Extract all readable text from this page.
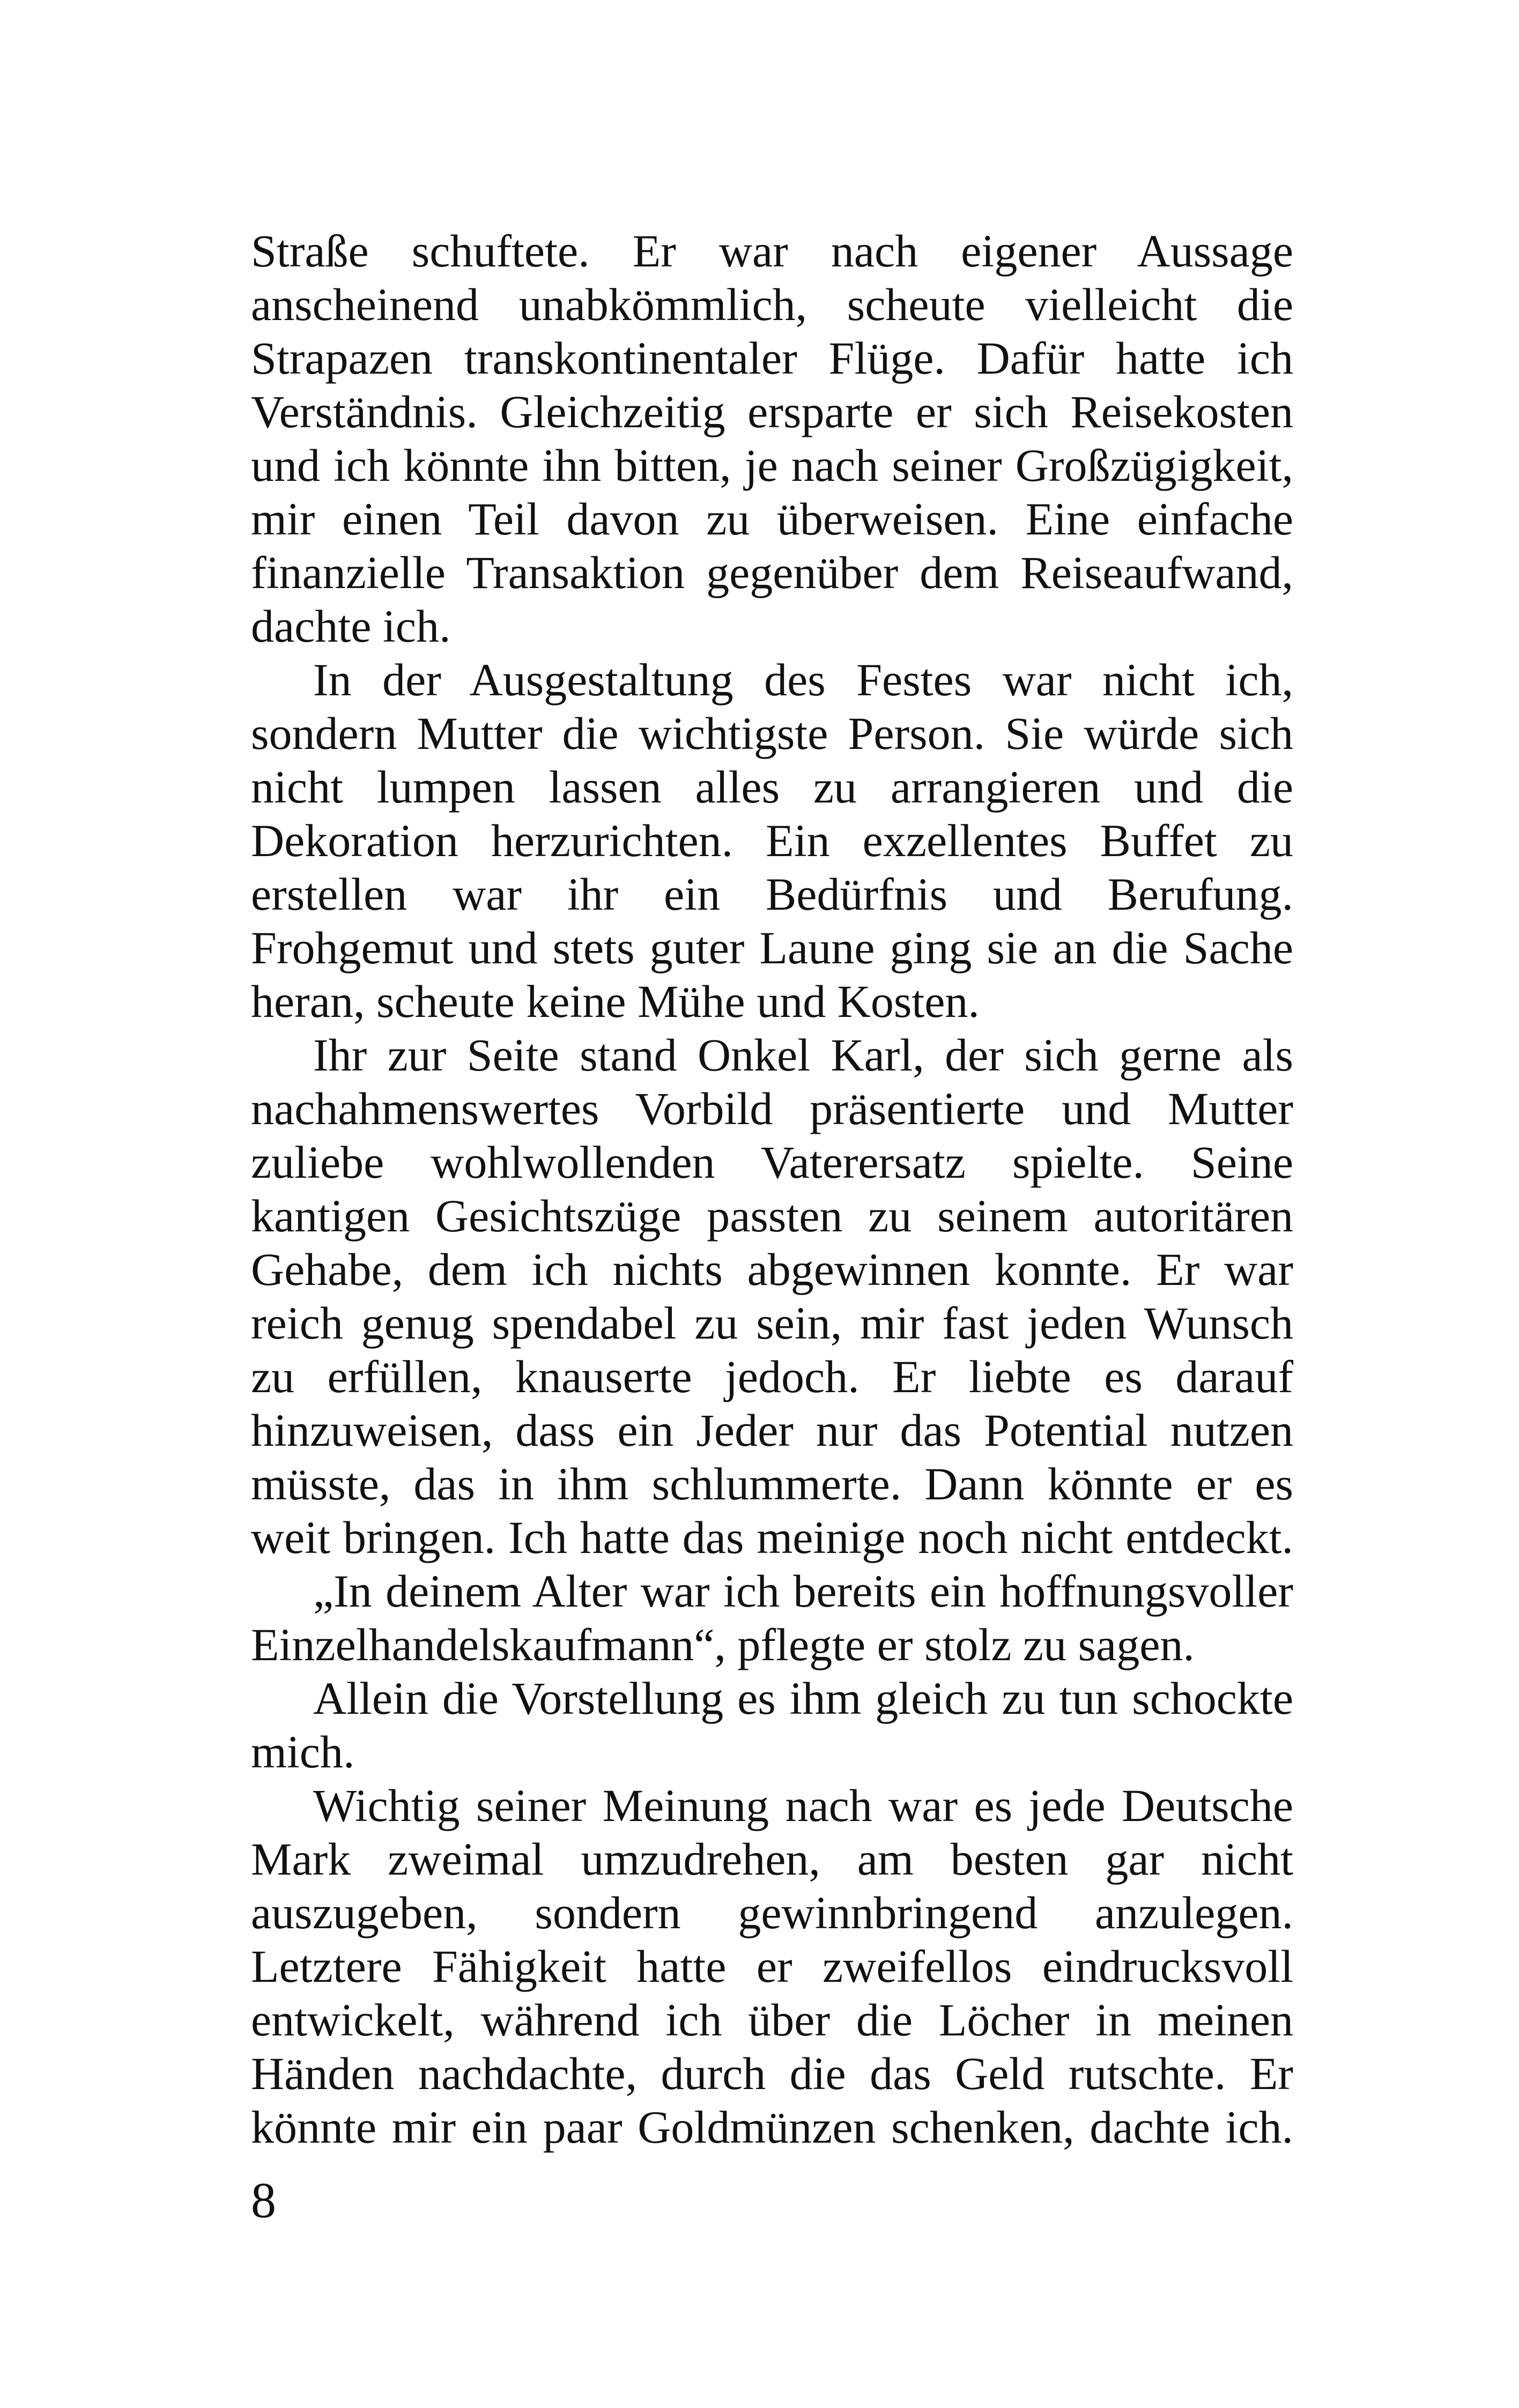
Straße schuftete. Er war nach eigener Aussage
anscheinend unabkömmlich, scheute vielleicht die
Strapazen transkontinentaler Flüge. Dafür hatte ich
Verständnis. Gleichzeitig ersparte er sich Reisekosten
und ich könnte ihn bitten, je nach seiner Großzügigkeit,
mir einen Teil davon zu überweisen. Eine einfache
finanzielle Transaktion gegenüber dem Reiseaufwand,
dachte ich.
In der Ausgestaltung des Festes war nicht ich,
sondern Mutter die wichtigste Person. Sie würde sich
nicht lumpen lassen alles zu arrangieren und die
Dekoration herzurichten. Ein exzellentes Buffet zu
erstellen war ihr ein Bedürfnis und Berufung.
Frohgemut und stets guter Laune ging sie an die Sache
heran, scheute keine Mühe und Kosten.
Ihr zur Seite stand Onkel Karl, der sich gerne als
nachahmenswertes Vorbild präsentierte und Mutter
zuliebe wohlwollenden Vaterersatz spielte. Seine
kantigen Gesichtszüge passten zu seinem autoritären
Gehabe, dem ich nichts abgewinnen konnte. Er war
reich genug spendabel zu sein, mir fast jeden Wunsch
zu erfüllen, knauserte jedoch. Er liebte es darauf
hinzuweisen, dass ein Jeder nur das Potential nutzen
müsste, das in ihm schlummerte. Dann könnte er es
weit bringen. Ich hatte das meinige noch nicht entdeckt.
„In deinem Alter war ich bereits ein hoffnungsvoller
Einzelhandelskaufmann“, pflegte er stolz zu sagen.
Allein die Vorstellung es ihm gleich zu tun schockte
mich.
Wichtig seiner Meinung nach war es jede Deutsche
Mark zweimal umzudrehen, am besten gar nicht
auszugeben, sondern gewinnbringend anzulegen.
Letztere Fähigkeit hatte er zweifellos eindrucksvoll
entwickelt, während ich über die Löcher in meinen
Händen nachdachte, durch die das Geld rutschte. Er
könnte mir ein paar Goldmünzen schenken, dachte ich.
8
